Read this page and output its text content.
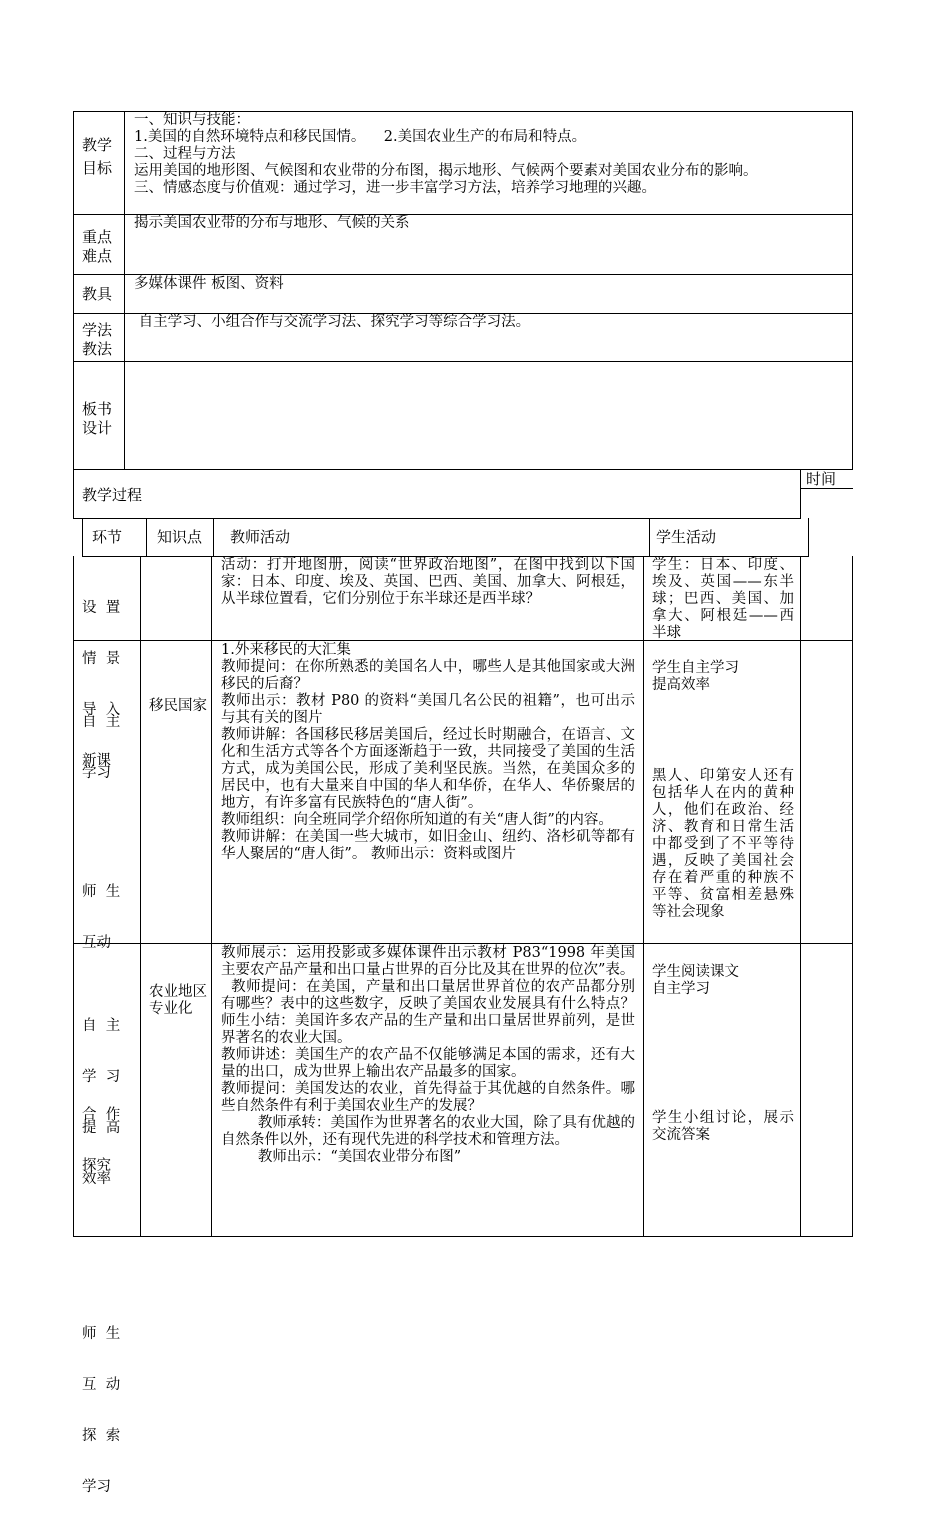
教学
目标

一、知识与技能：

1.美国的自然环境特点和移民国情。    2.美国农业生产的布局和特点。

二、过程与方法

运用美国的地形图、气候图和农业带的分布图，揭示地形、气候两个要素对美国农业分布的影响。

三、情感态度与价值观：通过学习，进一步丰富学习方法，培养学习地理的兴趣。

重点
难点

揭示美国农业带的分布与地形、气候的关系

教具

多媒体课件 板图、资料

学法
教法

自主学习、小组合作与交流学习法、探究学习等综合学习法。

板书
设计
教学过程
时间
环节 知识点 教师活动	学生活动

设  置

情  景

导  入

新课

活动：打开地图册，阅读“世界政治地图”，在图中找到以下国家：日本、印度、埃及、英国、巴西、美国、加拿大、阿根廷，从半球位置看，它们分别位于东半球还是西半球？

学生：日本、印度、埃及、英国——东半球；巴西、美国、加拿大、阿根廷——西半球

自  主

学习

师  生

互动

合  作

探究

移民国家

1.外来移民的大汇集

教师提问：在你所熟悉的美国名人中，哪些人是其他国家或大洲移民的后裔？

教师出示：教材 P80 的资料“美国几名公民的祖籍”，也可出示与其有关的图片

教师讲解：各国移民移居美国后，经过长时期融合，在语言、文化和生活方式等各个方面逐渐趋于一致，共同接受了美国的生活方式，成为美国公民，形成了美利坚民族。当然，在美国众多的居民中，也有大量来自中国的华人和华侨，在华人、华侨聚居的地方，有许多富有民族特色的“唐人街”。

教师组织：向全班同学介绍你所知道的有关“唐人街”的内容。

教师讲解：在美国一些大城市，如旧金山、纽约、洛杉矶等都有华人聚居的“唐人街”。 教师出示：资料或图片

学生自主学习

提高效率

黑人、印第安人还有包括华人在内的黄种人，他们在政治、经济、教育和日常生活中都受到了不平等待遇，反映了美国社会存在着严重的种族不平等、贫富相差悬殊等社会现象

自  主

学  习

提  高

效率

师  生

互  动

探  索

学习

农业地区专业化

教师展示：运用投影或多媒体课件出示教材 P83“1998 年美国主要农产品产量和出口量占世界的百分比及其在世界的位次”表。

教师提问：在美国，产量和出口量居世界首位的农产品都分别有哪些？表中的这些数字，反映了美国农业发展具有什么特点？        师生小结：美国许多农产品的生产量和出口量居世界前列，是世界著名的农业大国。

教师讲述：美国生产的农产品不仅能够满足本国的需求，还有大量的出口，成为世界上输出农产品最多的国家。

教师提问：美国发达的农业，首先得益于其优越的自然条件。哪些自然条件有利于美国农业生产的发展？

教师承转：美国作为世界著名的农业大国，除了具有优越的自然条件以外，还有现代先进的科学技术和管理方法。

教师出示：“美国农业带分布图”

学生阅读课文

自主学习

学生小组讨论，展示交流答案
